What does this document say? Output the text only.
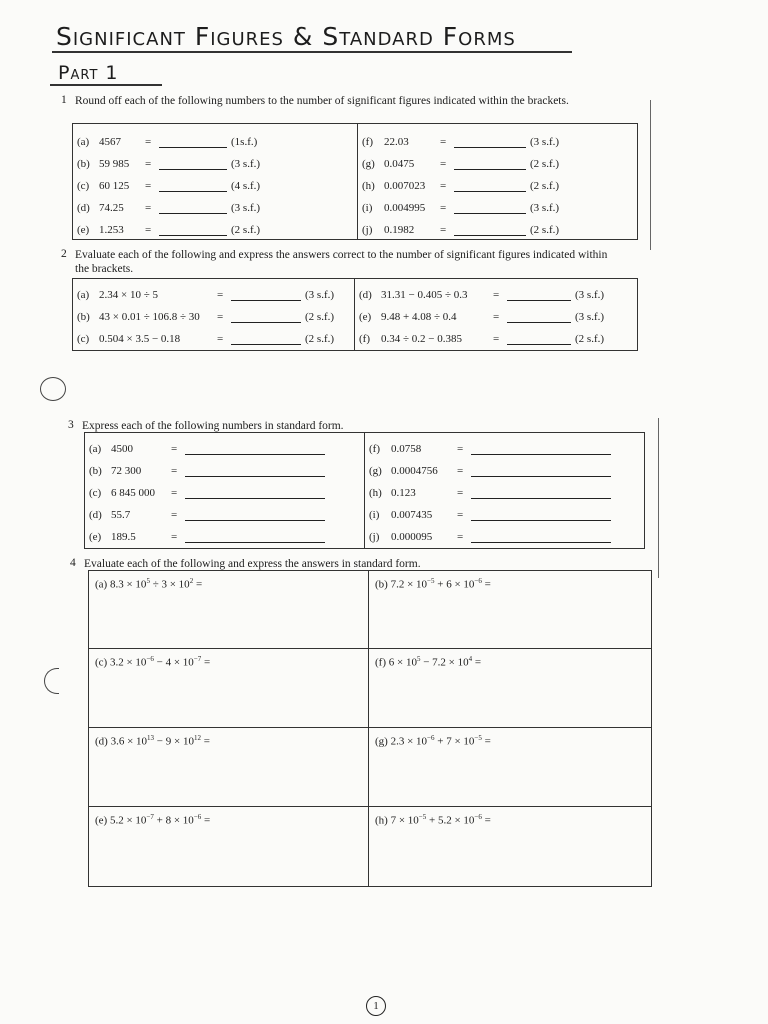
Significant Figures & Standard Forms
Part 1
1 Round off each of the following numbers to the number of significant figures indicated within the brackets.
(a) 4567	=	(1s.f.)
(b) 59 985	=	(3 s.f.)
(c) 60 125	=	(4 s.f.)
(d) 74.25	=	(3 s.f.)
(e) 1.253	=	(2 s.f.)

(f)	22.03	=	(3 s.f.)
(g) 0.0475	=	(2 s.f.)
(h) 0.007023	=	(2 s.f.)
(i)	0.004995	=	(3 s.f.)
(j)	0.1982	=	(2 s.f.)
2 Evaluate each of the following and express the answers correct to the number of significant figures indicated within the brackets.
(a) 2.34 × 10 ÷ 5	=	(3 s.f.)
(b) 43 × 0.01 ÷ 106.8 ÷ 30	=	(2 s.f.)
(c) 0.504 × 3.5 − 0.18	=	(2 s.f.)

(d) 31.31 − 0.405 ÷ 0.3	=	(3 s.f.)
(e) 9.48 + 4.08 ÷ 0.4	=	(3 s.f.)
(f)	0.34 ÷ 0.2 − 0.385	=	(2 s.f.)
3 Express each of the following numbers in standard form.
(a) 4500	=
(b) 72 300	=
(c) 6 845 000	=
(d) 55.7	=
(e) 189.5	=

(f)	0.0758	=
(g) 0.0004756	=
(h) 0.123	=
(i)	0.007435	=
(j)	0.000095	=
4 Evaluate each of the following and express the answers in standard form.
(a) $8.3 \times 10^5 \div 3 \times 10^2$ =	(b) $7.2 \times 10^{-5} + 6 \times 10^{-6}$ =
(c) $3.2 \times 10^{-6} - 4 \times 10^{-7}$ =	(f) $6 \times 10^5 - 7.2 \times 10^4$ =
(d) $3.6 \times 10^{13} - 9 \times 10^{12}$ =	(g) $2.3 \times 10^{-6} + 7 \times 10^{-5}$ =
(e) $5.2 \times 10^{-7} + 8 \times 10^{-6}$ =	(h) $7 \times 10^{-5} + 5.2 \times 10^{-6}$ =
1
